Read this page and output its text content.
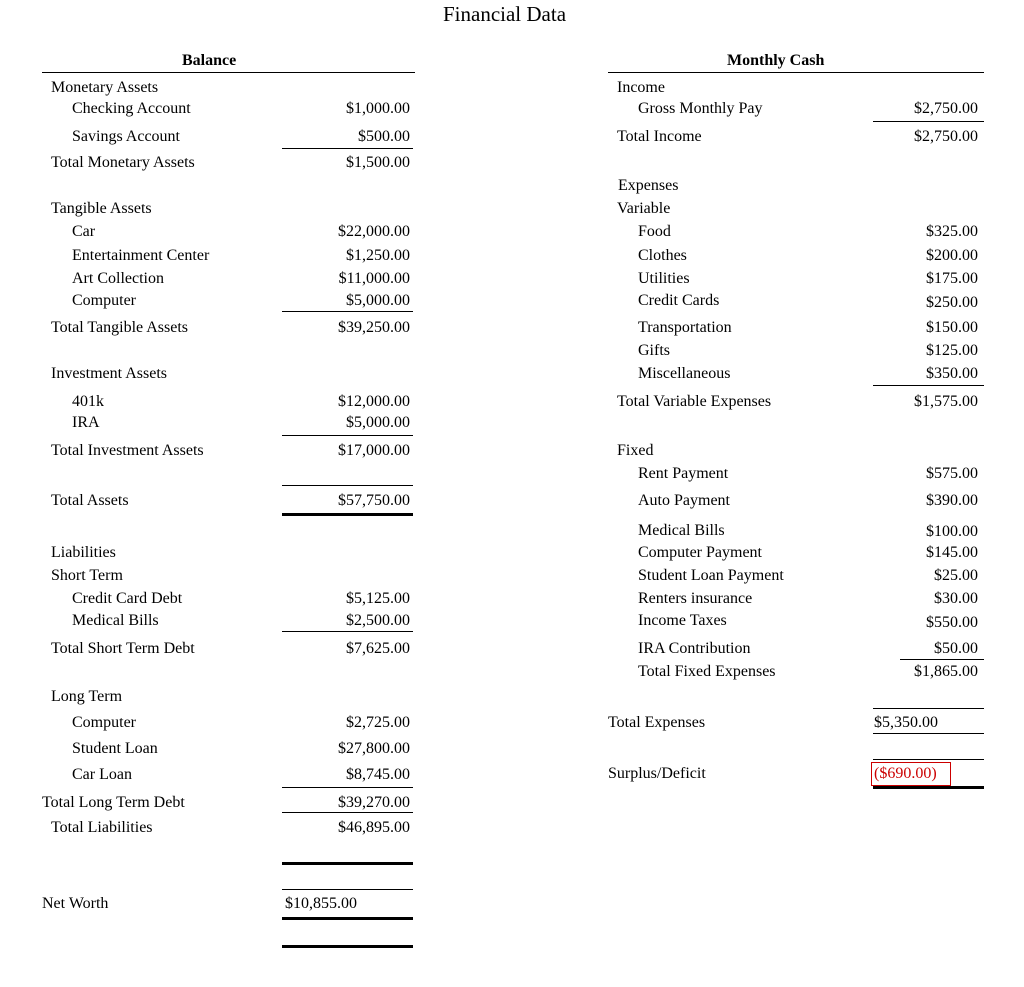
Financial Data
Balance
Monetary Assets
Checking Account	$1,000.00
Savings Account	$500.00
Total Monetary Assets	$1,500.00
Tangible Assets
Car	$22,000.00
Entertainment Center	$1,250.00
Art Collection	$11,000.00
Computer	$5,000.00
Total Tangible Assets	$39,250.00
Investment Assets
401k	$12,000.00
IRA	$5,000.00
Total Investment Assets	$17,000.00
Total Assets	$57,750.00
Liabilities
Short Term
Credit Card Debt	$5,125.00
Medical Bills	$2,500.00
Total Short Term Debt	$7,625.00
Long Term
Computer	$2,725.00
Student Loan	$27,800.00
Car Loan	$8,745.00
Total Long Term Debt	$39,270.00
Total Liabilities	$46,895.00
Net Worth	$10,855.00
Monthly Cash
Income
Gross Monthly Pay	$2,750.00
Total Income	$2,750.00
Expenses
Variable
Food	$325.00
Clothes	$200.00
Utilities	$175.00
Credit Cards	$250.00
Transportation	$150.00
Gifts	$125.00
Miscellaneous	$350.00
Total Variable Expenses	$1,575.00
Fixed
Rent Payment	$575.00
Auto Payment	$390.00
Medical Bills	$100.00
Computer Payment	$145.00
Student Loan Payment	$25.00
Renters insurance	$30.00
Income Taxes	$550.00
IRA Contribution	$50.00
Total Fixed Expenses	$1,865.00
Total Expenses	$5,350.00
Surplus/Deficit	($690.00)
